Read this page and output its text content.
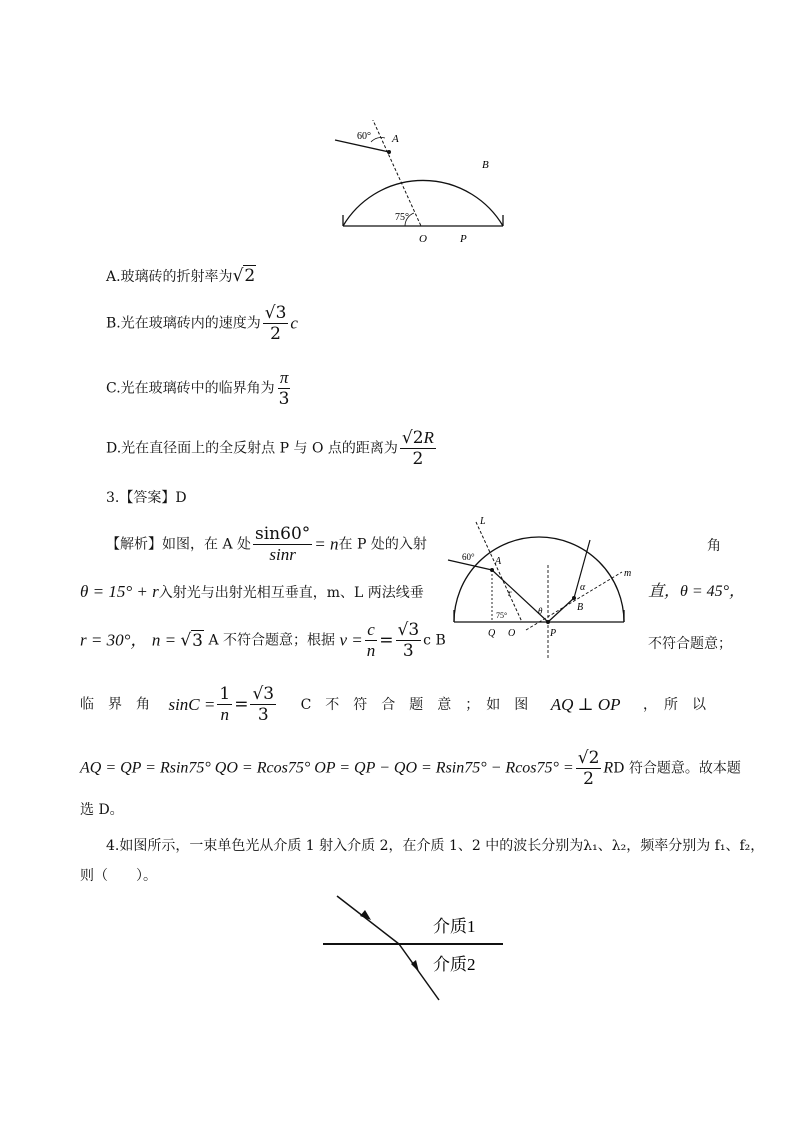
60° A
B
75°
O	P
A.玻璃砖的折射率为√2
B.光在玻璃砖内的速度为 $\frac{√3}{2}$ c
C.光在玻璃砖中的临界角为 $\frac{\pi}{3}$
D.光在直径面上的全反射点 P 与 O 点的距离为 $\frac{√2R}{2}$
3.【答案】D
【解析】如图，在 A 处 $\frac{\sin 60^\circ}{\sin r} = n$在 P 处的入射	角
θ = 15° + r入射光与出射光相互垂直，m、L 两法线垂	直，θ = 45°，
r = 30°， n = √3 A 不符合题意；根据 $v = \frac{c}{n} = \frac{√3}{3}$ c B	不符合题意；
L
60° A
m
α
B
r
θ
75°
Q O	P
临　界　角 $\sin C = \frac{1}{n} = \frac{√3}{3}$ C　不　符　合　题　意　；　如　图 AQ ⊥ OP ，　所　以
AQ = QP = Rsin75° QO = Rcos75° OP = QP − QO = $Rsin75^\circ - Rcos75^\circ = \frac{√2}{2}$ RD 符合题意。故本题
选 D。
4.如图所示，一束单色光从介质 1 射入介质 2，在介质 1、2 中的波长分别为λ₁、λ₂，频率分别为 f₁、f₂，
则（　　）。
介质1
介质2
